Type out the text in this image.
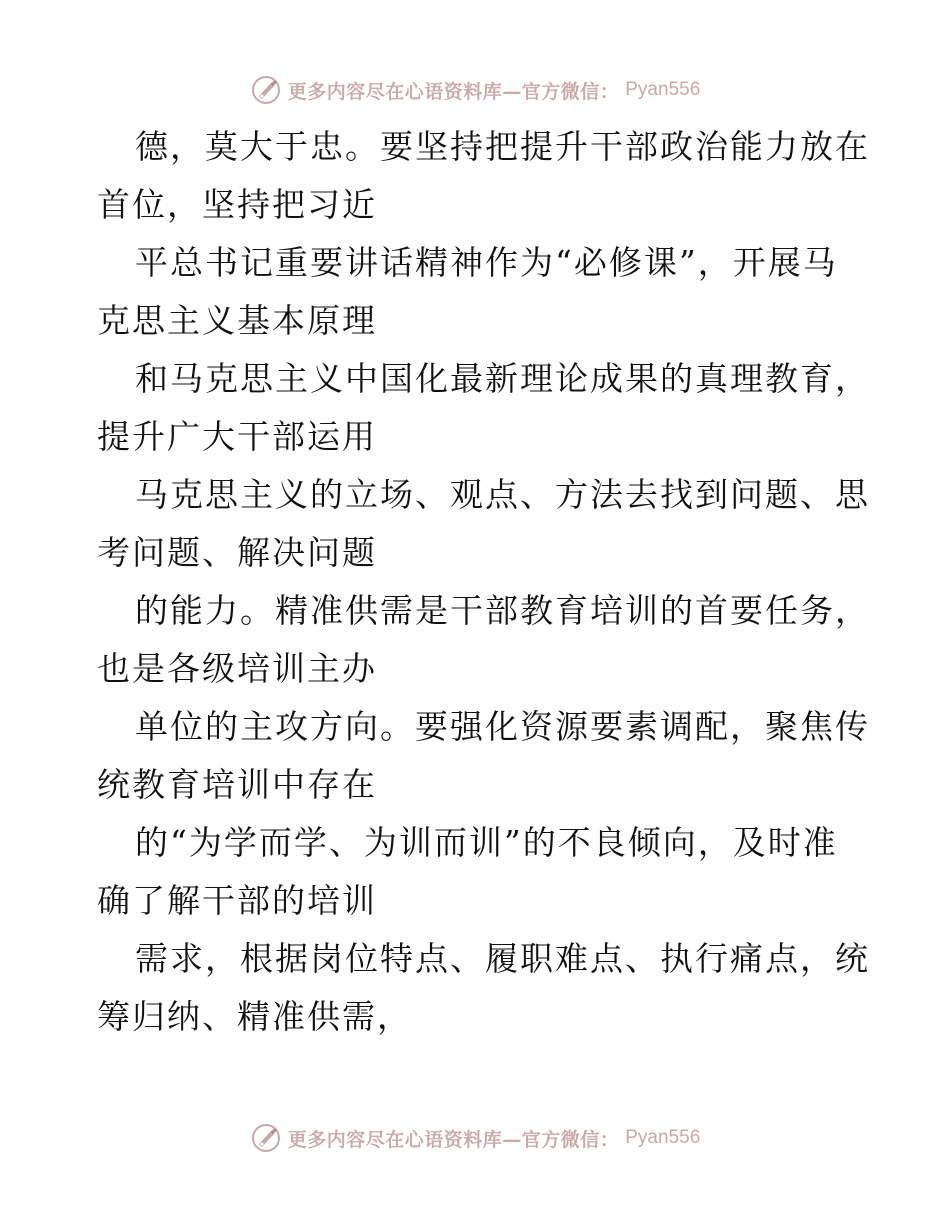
更多内容尽在心语资料库—官方微信： Pyan556
德，莫大于忠。要坚持把提升干部政治能力放在
首位，坚持把习近
平总书记重要讲话精神作为“必修课”，开展马
克思主义基本原理
和马克思主义中国化最新理论成果的真理教育，
提升广大干部运用
马克思主义的立场、观点、方法去找到问题、思
考问题、解决问题
的能力。精准供需是干部教育培训的首要任务，
也是各级培训主办
单位的主攻方向。要强化资源要素调配，聚焦传
统教育培训中存在
的“为学而学、为训而训”的不良倾向，及时准
确了解干部的培训
需求，根据岗位特点、履职难点、执行痛点，统
筹归纳、精准供需，
更多内容尽在心语资料库—官方微信： Pyan556
